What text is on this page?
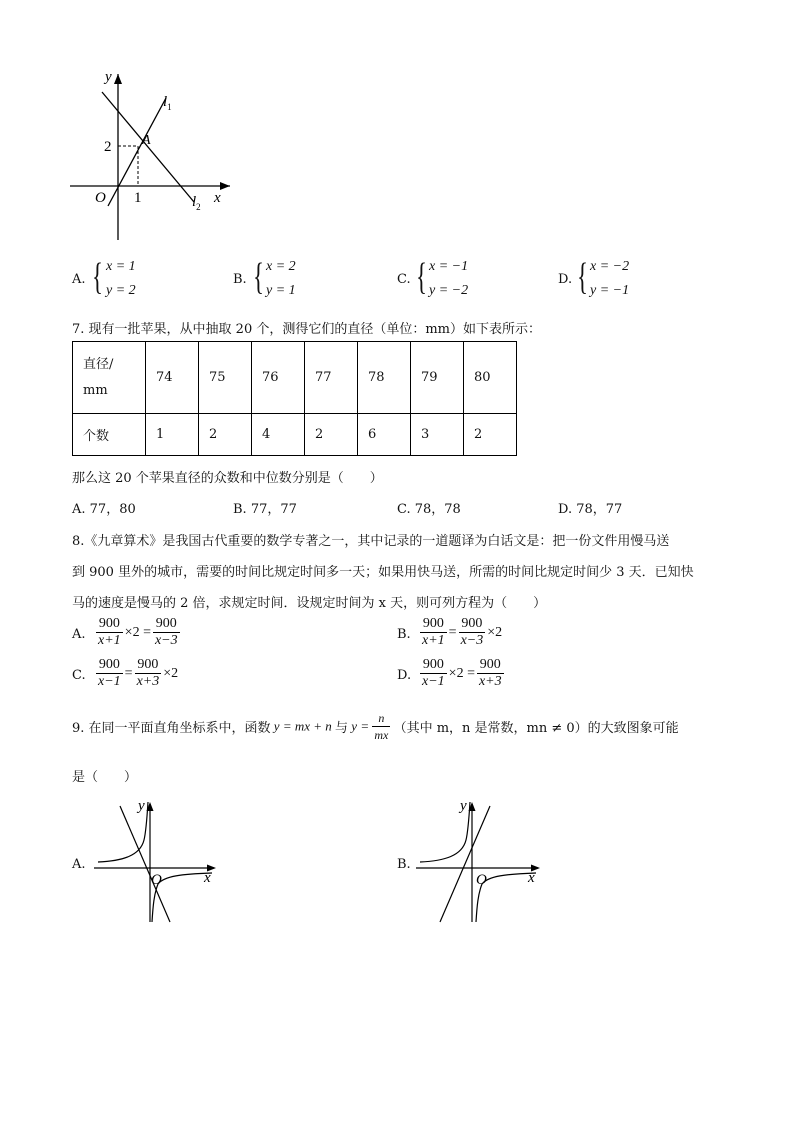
y
x
O
2
1
A
$l_1$
$l_2$
A. { x = 1
y = 2
B. { x = 2
y = 1
C. { x = −1
y = −2
D. { x = −2
y = −1
7. 现有一批苹果，从中抽取 20 个，测得它们的直径（单位：mm）如下表所示：
直径/
mm	74	75	76	77	78	79	80
个数	1	2	4	2	6	3	2
那么这 20 个苹果直径的众数和中位数分别是（　　）
A. 77，80	B. 77，77	C. 78，78	D. 78，77
8.《九章算术》是我国古代重要的数学专著之一，其中记录的一道题译为白话文是：把一份文件用慢马送
到 900 里外的城市，需要的时间比规定时间多一天；如果用快马送，所需的时间比规定时间少 3 天．已知快
马的速度是慢马的 2 倍，求规定时间．设规定时间为 x 天，则可列方程为（　　）
A. $\frac{900}{x+1} \times 2 = \frac{900}{x-3}$	B. $\frac{900}{x+1} = \frac{900}{x-3} \times 2$
C. $\frac{900}{x-1} = \frac{900}{x+3} \times 2$	D. $\frac{900}{x-1} \times 2 = \frac{900}{x+3}$
9. 在同一平面直角坐标系中，函数 y = mx + n 与 $y = \frac{n}{mx}$ （其中 m，n 是常数，mn ≠ 0）的大致图象可能
是（　　）
A.
x
y
O
B.
x
y
O
